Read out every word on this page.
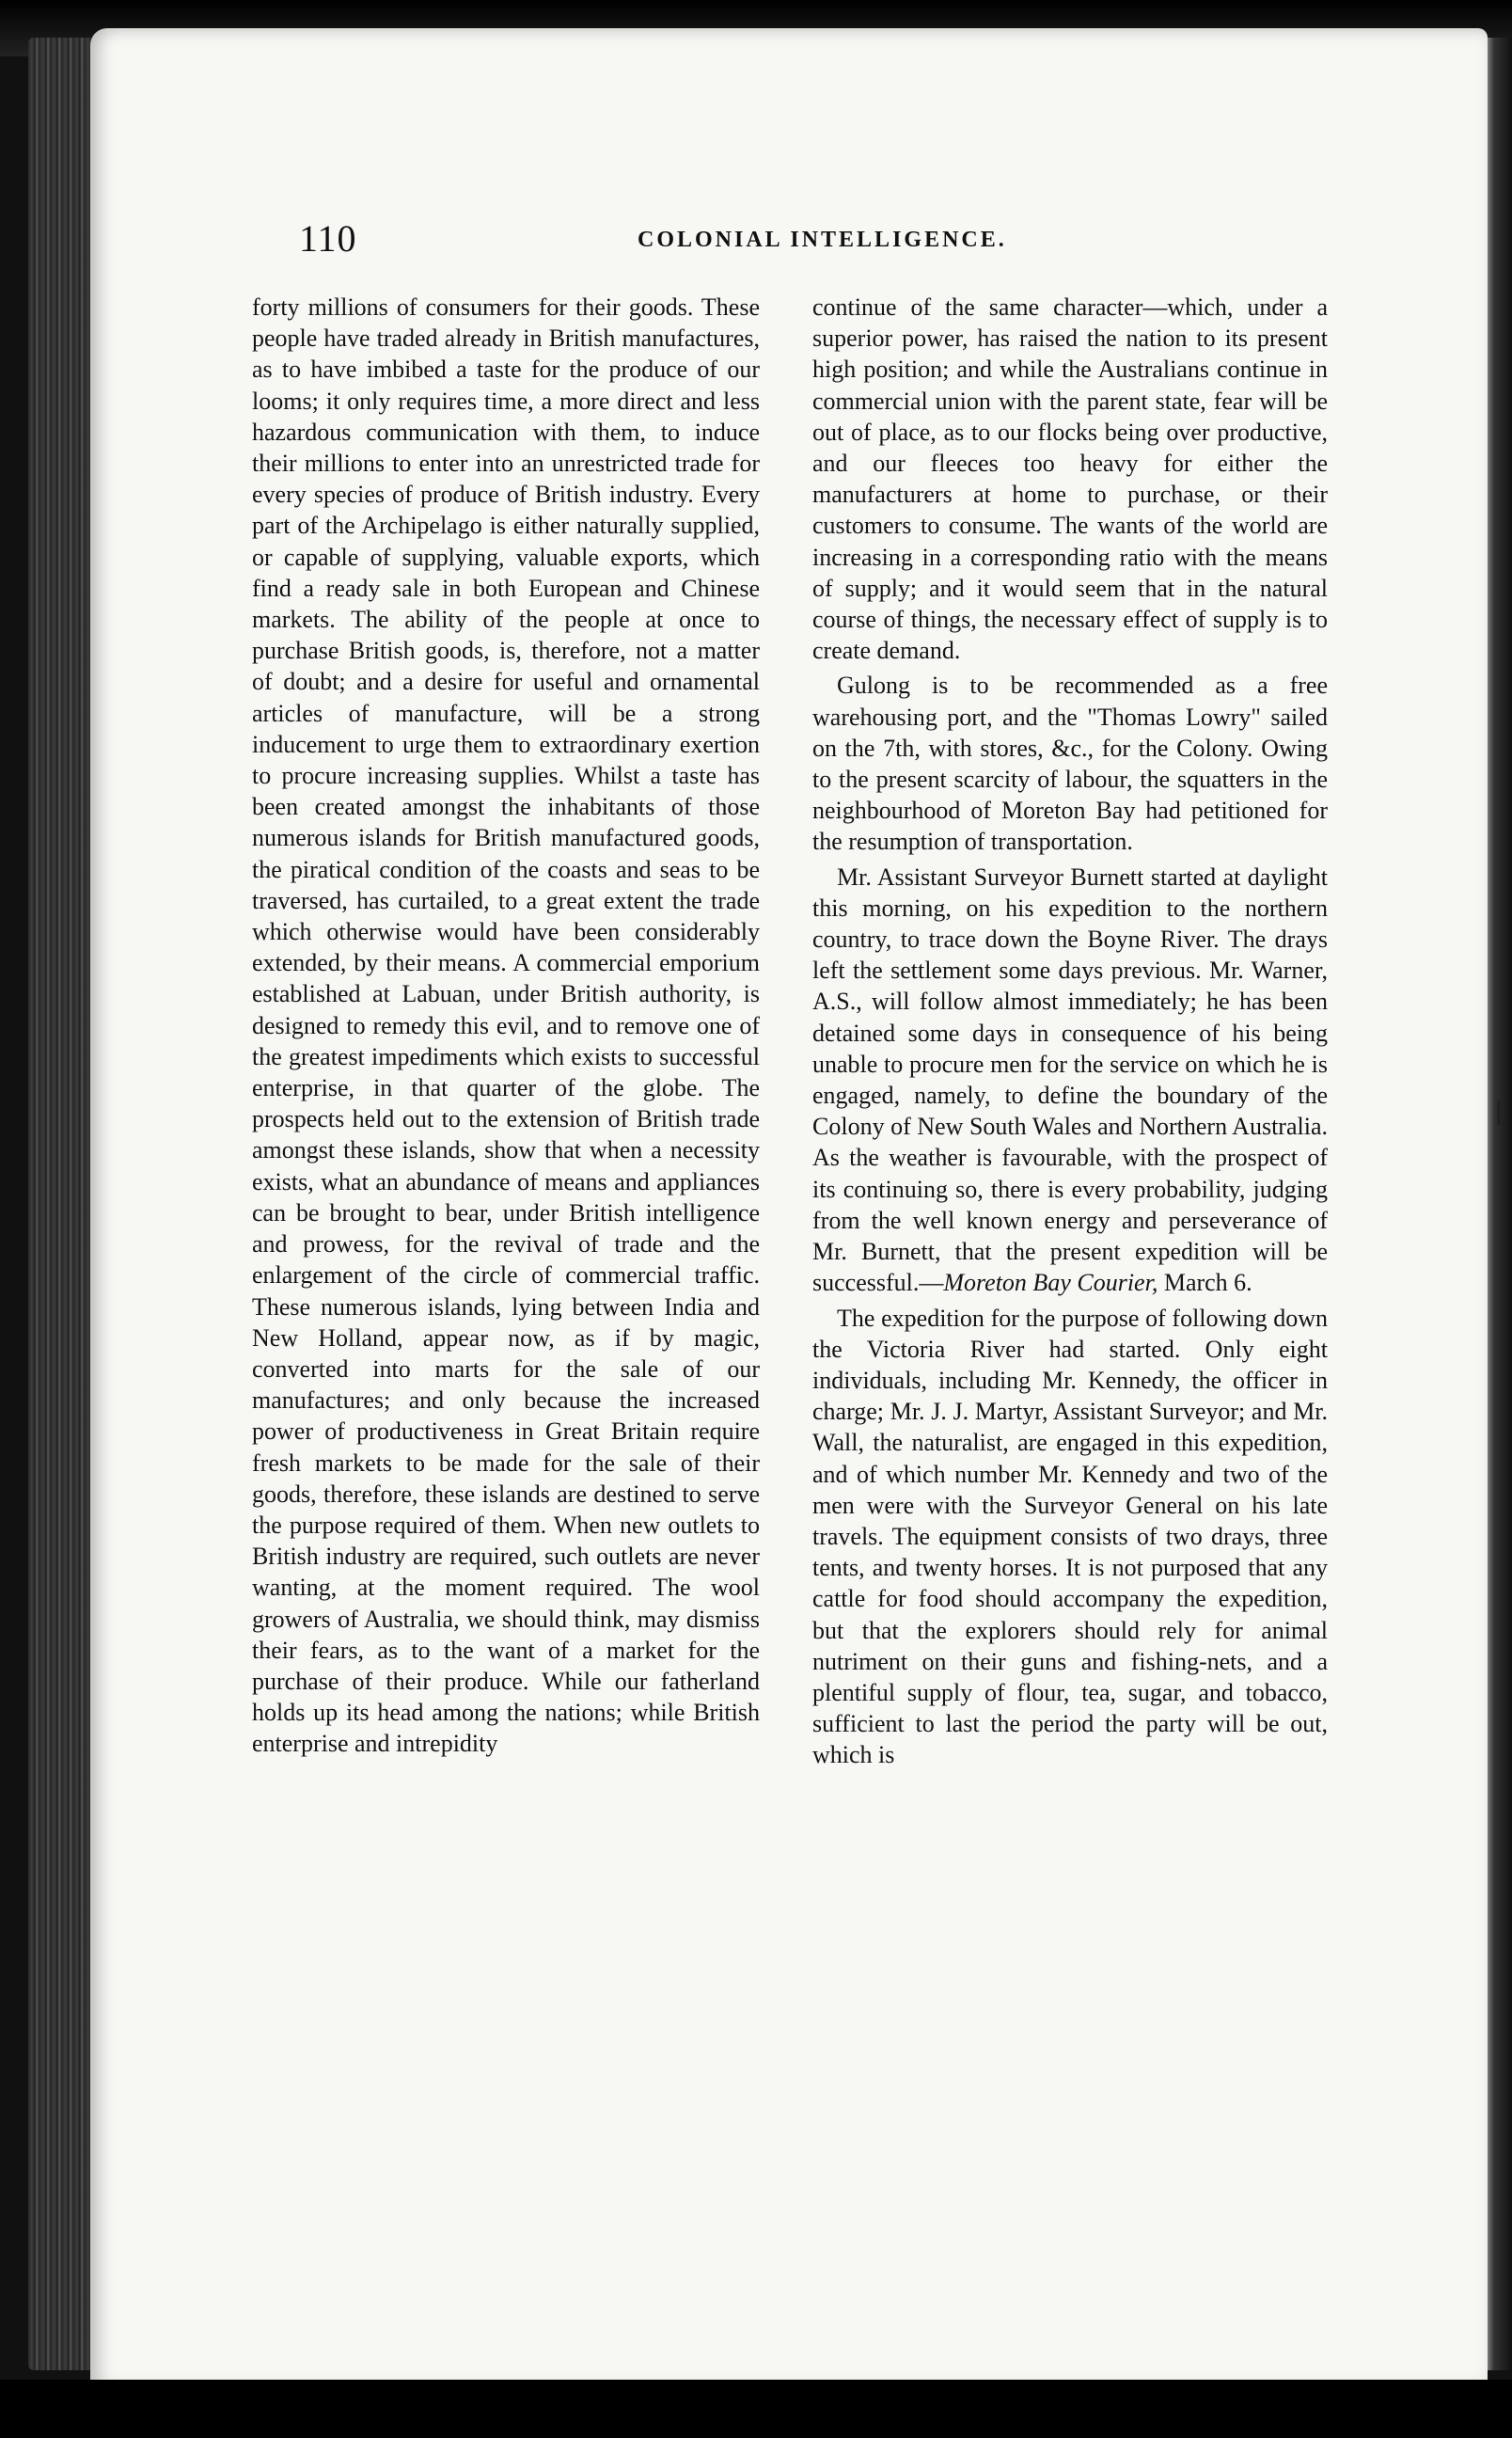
110	COLONIAL INTELLIGENCE.

forty millions of consumers for their goods. These people have traded already in British manufactures, as to have imbibed a taste for the produce of our looms; it only requires time, a more direct and less hazardous communication with them, to induce their millions to enter into an unrestricted trade for every species of produce of British industry. Every part of the Archipelago is either naturally supplied, or capable of supplying, valuable exports, which find a ready sale in both European and Chinese markets. The ability of the people at once to purchase British goods, is, therefore, not a matter of doubt; and a desire for useful and ornamental articles of manufacture, will be a strong inducement to urge them to extraordinary exertion to procure increasing supplies. Whilst a taste has been created amongst the inhabitants of those numerous islands for British manufactured goods, the piratical condition of the coasts and seas to be traversed, has curtailed, to a great extent the trade which otherwise would have been considerably extended, by their means. A commercial emporium established at Labuan, under British authority, is designed to remedy this evil, and to remove one of the greatest impediments which exists to successful enterprise, in that quarter of the globe. The prospects held out to the extension of British trade amongst these islands, show that when a necessity exists, what an abundance of means and appliances can be brought to bear, under British intelligence and prowess, for the revival of trade and the enlargement of the circle of commercial traffic. These numerous islands, lying between India and New Holland, appear now, as if by magic, converted into marts for the sale of our manufactures; and only because the increased power of productiveness in Great Britain require fresh markets to be made for the sale of their goods, therefore, these islands are destined to serve the purpose required of them. When new outlets to British industry are required, such outlets are never wanting, at the moment required. The wool growers of Australia, we should think, may dismiss their fears, as to the want of a market for the purchase of their produce. While our fatherland holds up its head among the nations; while British enterprise and intrepidity

continue of the same character—which, under a superior power, has raised the nation to its present high position; and while the Australians continue in commercial union with the parent state, fear will be out of place, as to our flocks being over productive, and our fleeces too heavy for either the manufacturers at home to purchase, or their customers to consume. The wants of the world are increasing in a corresponding ratio with the means of supply; and it would seem that in the natural course of things, the necessary effect of supply is to create demand.

Gulong is to be recommended as a free warehousing port, and the "Thomas Lowry" sailed on the 7th, with stores, &c., for the Colony. Owing to the present scarcity of labour, the squatters in the neighbourhood of Moreton Bay had petitioned for the resumption of transportation.

Mr. Assistant Surveyor Burnett started at daylight this morning, on his expedition to the northern country, to trace down the Boyne River. The drays left the settlement some days previous. Mr. Warner, A.S., will follow almost immediately; he has been detained some days in consequence of his being unable to procure men for the service on which he is engaged, namely, to define the boundary of the Colony of New South Wales and Northern Australia. As the weather is favourable, with the prospect of its continuing so, there is every probability, judging from the well known energy and perseverance of Mr. Burnett, that the present expedition will be successful.—Moreton Bay Courier, March 6.

The expedition for the purpose of following down the Victoria River had started. Only eight individuals, including Mr. Kennedy, the officer in charge; Mr. J. J. Martyr, Assistant Surveyor; and Mr. Wall, the naturalist, are engaged in this expedition, and of which number Mr. Kennedy and two of the men were with the Surveyor General on his late travels. The equipment consists of two drays, three tents, and twenty horses. It is not purposed that any cattle for food should accompany the expedition, but that the explorers should rely for animal nutriment on their guns and fishing-nets, and a plentiful supply of flour, tea, sugar, and tobacco, sufficient to last the period the party will be out, which is
